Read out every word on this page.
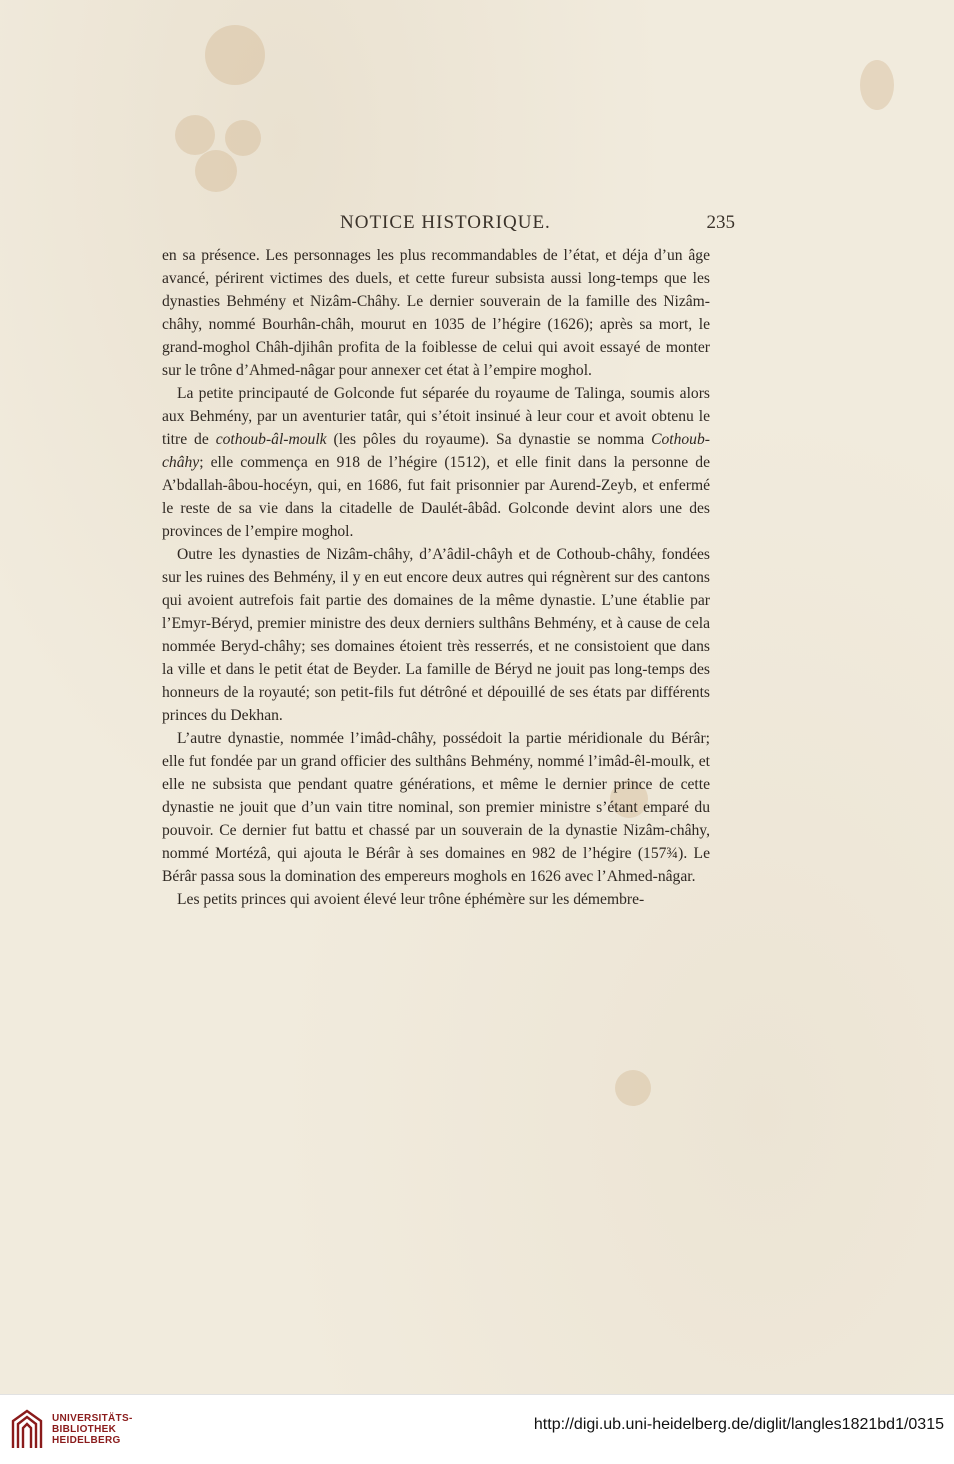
NOTICE HISTORIQUE.	235

en sa présence. Les personnages les plus recommandables de l’état, et déja d’un âge avancé, périrent victimes des duels, et cette fureur subsista aussi long-temps que les dynasties Behmény et Nizâm-Châhy. Le dernier souverain de la famille des Nizâm-châhy, nommé Bourhân-châh, mourut en 1035 de l’hégire (1626); après sa mort, le grand-moghol Châh-djihân profita de la foiblesse de celui qui avoit essayé de monter sur le trône d’Ahmed-nâgar pour annexer cet état à l’empire moghol.

La petite principauté de Golconde fut séparée du royaume de Talinga, soumis alors aux Behmény, par un aventurier tatâr, qui s’étoit insinué à leur cour et avoit obtenu le titre de cothoub-âl-moulk (les pôles du royaume). Sa dynastie se nomma Cothoub-châhy; elle commença en 918 de l’hégire (1512), et elle finit dans la personne de A’bdallah-âbou-hocéyn, qui, en 1686, fut fait prisonnier par Aurend-Zeyb, et enfermé le reste de sa vie dans la citadelle de Daulét-âbâd. Golconde devint alors une des provinces de l’empire moghol.

Outre les dynasties de Nizâm-châhy, d’A’âdil-châyh et de Cothoub-châhy, fondées sur les ruines des Behmény, il y en eut encore deux autres qui régnèrent sur des cantons qui avoient autrefois fait partie des domaines de la même dynastie. L’une établie par l’Emyr-Béryd, premier ministre des deux derniers sulthâns Behmény, et à cause de cela nommée Beryd-châhy; ses domaines étoient très resserrés, et ne consistoient que dans la ville et dans le petit état de Beyder. La famille de Béryd ne jouit pas long-temps des honneurs de la royauté; son petit-fils fut détrôné et dépouillé de ses états par différents princes du Dekhan.

L’autre dynastie, nommée l’imâd-châhy, possédoit la partie méridionale du Bérâr; elle fut fondée par un grand officier des sulthâns Behmény, nommé l’imâd-êl-moulk, et elle ne subsista que pendant quatre générations, et même le dernier prince de cette dynastie ne jouit que d’un vain titre nominal, son premier ministre s’étant emparé du pouvoir. Ce dernier fut battu et chassé par un souverain de la dynastie Nizâm-châhy, nommé Mortézâ, qui ajouta le Bérâr à ses domaines en 982 de l’hégire (157¾). Le Bérâr passa sous la domination des empereurs moghols en 1626 avec l’Ahmed-nâgar.

Les petits princes qui avoient élevé leur trône éphémère sur les démembre-

UNIVERSITÄTS-
BIBLIOTHEK
HEIDELBERG
http://digi.ub.uni-heidelberg.de/diglit/langles1821bd1/0315
